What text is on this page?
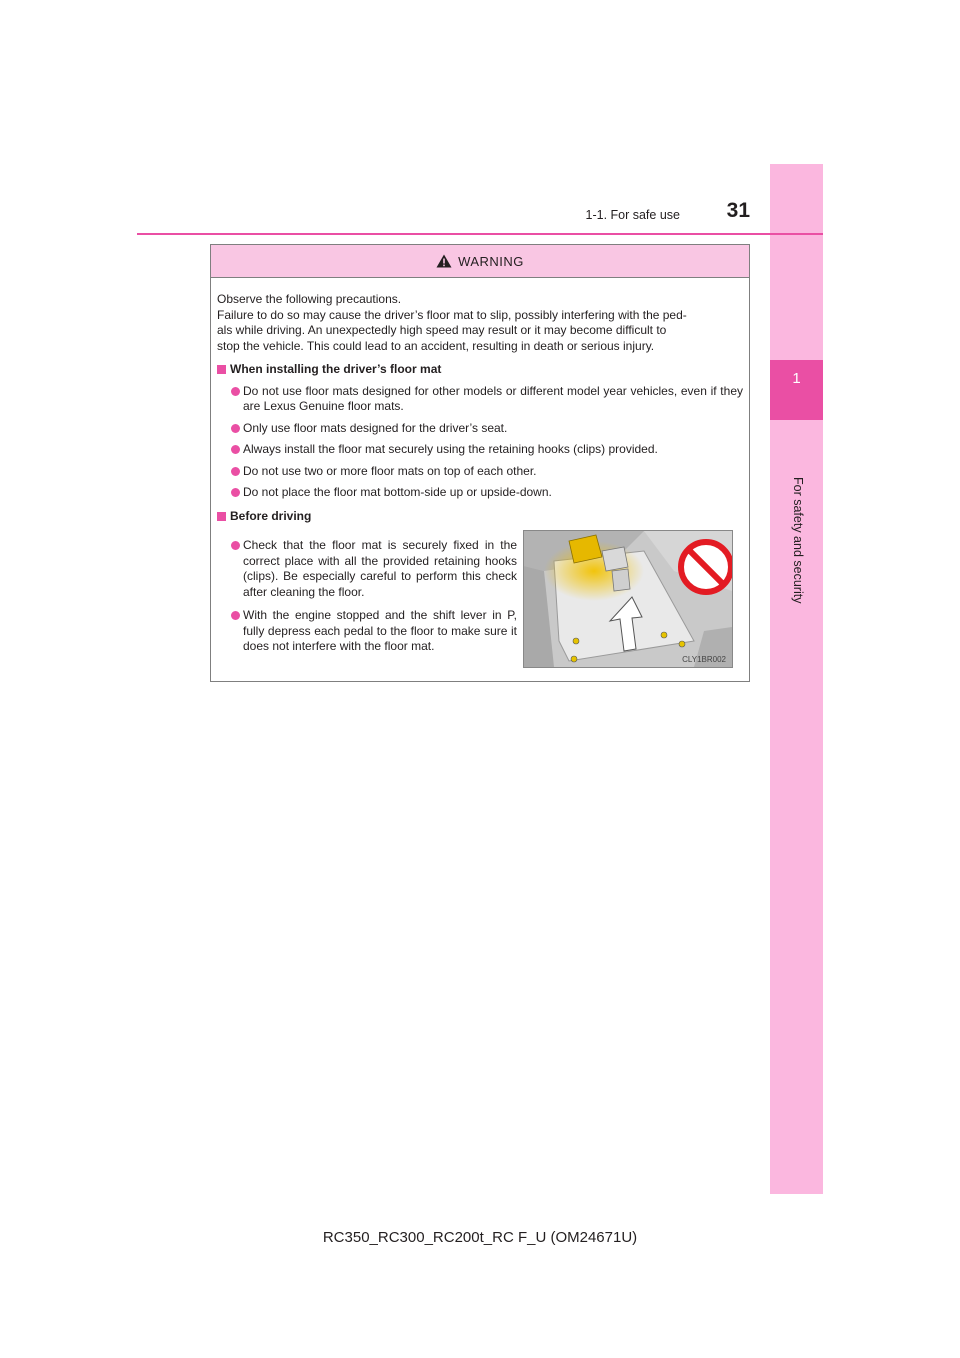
1
For safety and security
1-1. For safe use	31
WARNING

Observe the following precautions.

Failure to do so may cause the driver’s floor mat to slip, possibly interfering with the ped-

als while driving. An unexpectedly high speed may result or it may become difficult to

stop the vehicle. This could lead to an accident, resulting in death or serious injury.

When installing the driver’s floor mat
Do not use floor mats designed for other models or different model year vehicles, even if they are Lexus Genuine floor mats.
Only use floor mats designed for the driver’s seat.
Always install the floor mat securely using the retaining hooks (clips) provided.
Do not use two or more floor mats on top of each other.
Do not place the floor mat bottom-side up or upside-down.
Before driving
Check that the floor mat is securely fixed in the correct place with all the provided retaining hooks (clips). Be especially careful to perform this check after cleaning the floor.
With the engine stopped and the shift lever in P, fully depress each pedal to the floor to make sure it does not interfere with the floor mat.
CLY1BR002
RC350_RC300_RC200t_RC F_U (OM24671U)
